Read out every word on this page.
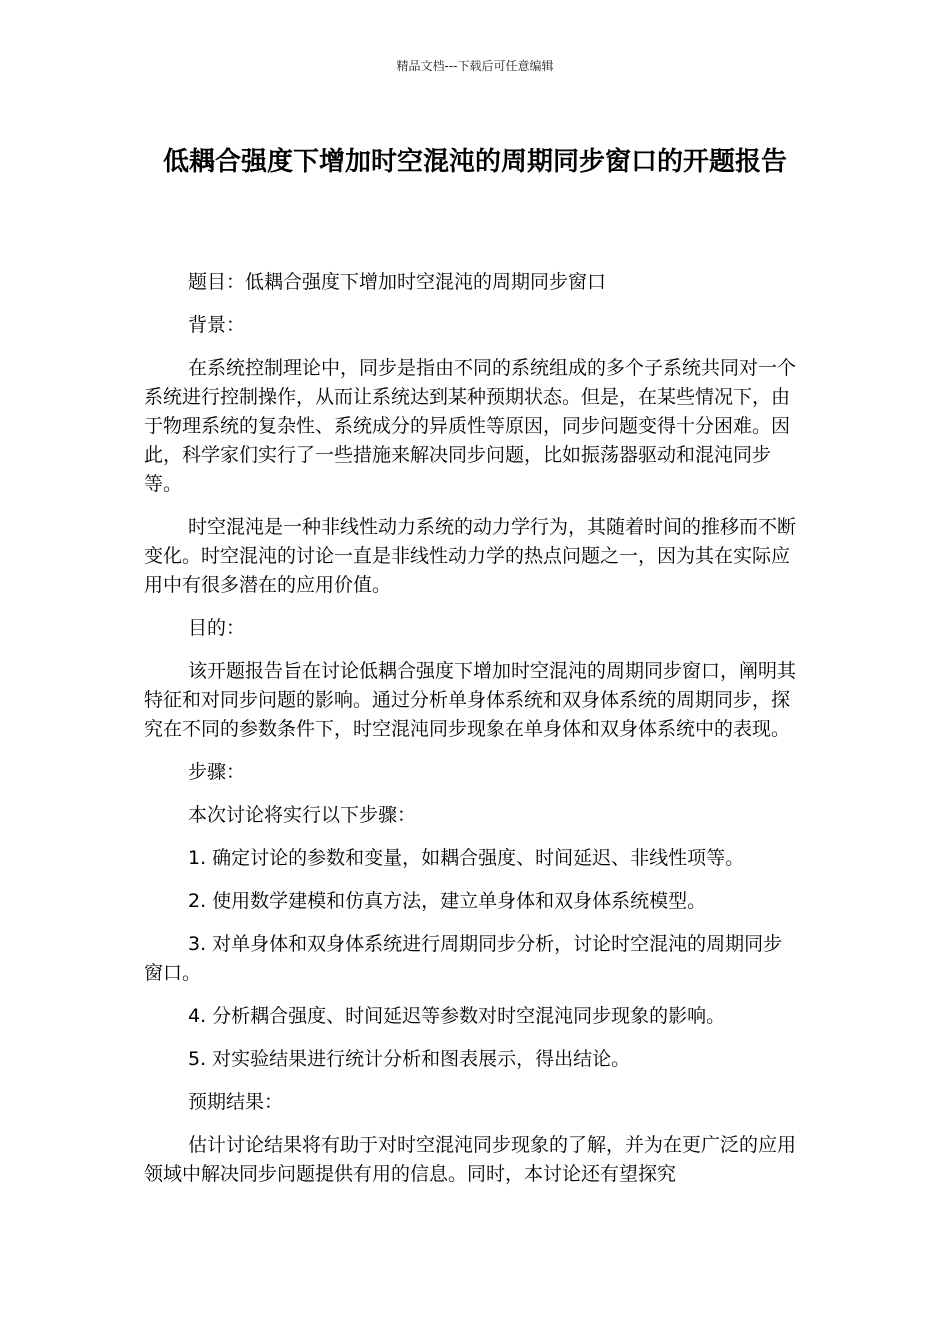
精品文档---下载后可任意编辑
低耦合强度下增加时空混沌的周期同步窗口的开题报告

题目：低耦合强度下增加时空混沌的周期同步窗口

背景：

在系统控制理论中，同步是指由不同的系统组成的多个子系统共同对一个系统进行控制操作，从而让系统达到某种预期状态。但是，在某些情况下，由于物理系统的复杂性、系统成分的异质性等原因，同步问题变得十分困难。因此，科学家们实行了一些措施来解决同步问题，比如振荡器驱动和混沌同步等。

时空混沌是一种非线性动力系统的动力学行为，其随着时间的推移而不断变化。时空混沌的讨论一直是非线性动力学的热点问题之一，因为其在实际应用中有很多潜在的应用价值。

目的：

该开题报告旨在讨论低耦合强度下增加时空混沌的周期同步窗口，阐明其特征和对同步问题的影响。通过分析单身体系统和双身体系统的周期同步，探究在不同的参数条件下，时空混沌同步现象在单身体和双身体系统中的表现。

步骤：

本次讨论将实行以下步骤：

1. 确定讨论的参数和变量，如耦合强度、时间延迟、非线性项等。

2. 使用数学建模和仿真方法，建立单身体和双身体系统模型。

3. 对单身体和双身体系统进行周期同步分析，讨论时空混沌的周期同步窗口。

4. 分析耦合强度、时间延迟等参数对时空混沌同步现象的影响。

5. 对实验结果进行统计分析和图表展示，得出结论。

预期结果：

估计讨论结果将有助于对时空混沌同步现象的了解，并为在更广泛的应用领域中解决同步问题提供有用的信息。同时，本讨论还有望探究
